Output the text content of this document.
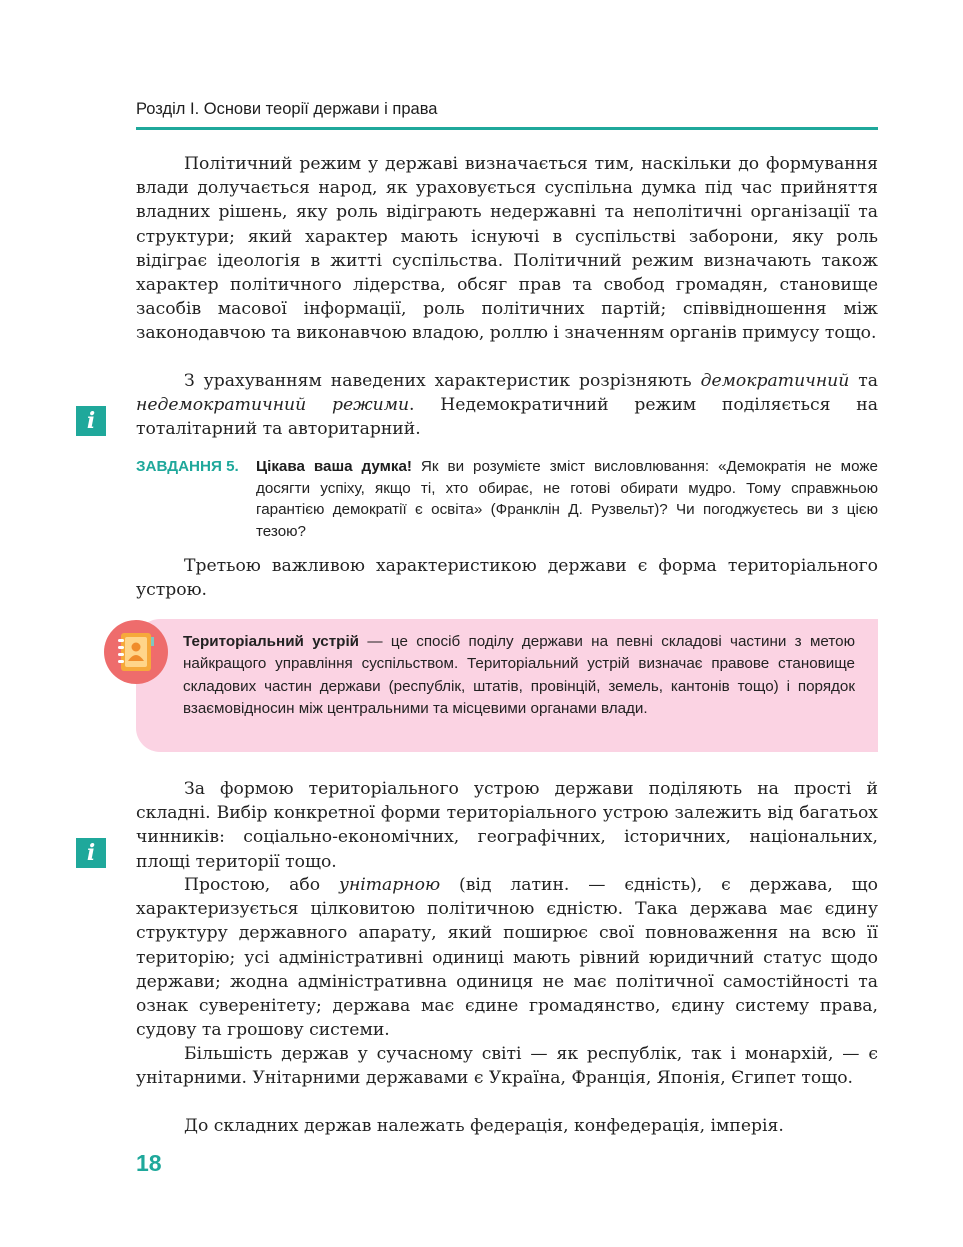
Розділ І. Основи теорії держави і права

Політичний режим у державі визначається тим, наскільки до формування влади долучається народ, як ураховується суспільна думка під час прийняття владних рішень, яку роль відіграють недержавні та неполітичні організації та структури; який характер мають існуючі в суспільстві заборони, яку роль відіграє ідеологія в житті суспільства. Політичний режим визначають також характер політичного лідерства, обсяг прав та свобод громадян, становище засобів масової інформації, роль політичних партій; співвідношення між законодавчою та виконавчою владою, роллю і значенням органів примусу тощо.

З урахуванням наведених характеристик розрізняють демократичний та недемократичний режими. Недемократичний режим поділяється на тоталітарний та авторитарний.

i
ЗАВДАННЯ 5. Цікава ваша думка! Як ви розумієте зміст висловлювання: «Демократія не може досягти успіху, якщо ті, хто обирає, не готові обирати мудро. Тому справжньою гарантією демократії є освіта» (Франклін Д. Рузвельт)? Чи погоджуєтесь ви з цією тезою?

Третьою важливою характеристикою держави є форма територіального устрою.

Територіальний устрій — це спосіб поділу держави на певні складові частини з метою найкращого управління суспільством. Територіальний устрій визначає правове становище складових частин держави (республік, штатів, провінцій, земель, кантонів тощо) і порядок взаємовідносин між центральними та місцевими органами влади.

За формою територіального устрою держави поділяють на прості й складні. Вибір конкретної форми територіального устрою залежить від багатьох чинників: соціально-економічних, географічних, історичних, національних, площі території тощо.

i

Простою, або унітарною (від латин. — єдність), є держава, що характеризується цілковитою політичною єдністю. Така держава має єдину структуру державного апарату, який поширює свої повноваження на всю її територію; усі адміністративні одиниці мають рівний юридичний статус щодо держави; жодна адміністративна одиниця не має політичної самостійності та ознак суверенітету; держава має єдине громадянство, єдину систему права, судову та грошову системи.

Більшість держав у сучасному світі — як республік, так і монархій, — є унітарними. Унітарними державами є Україна, Франція, Японія, Єгипет тощо.

До складних держав належать федерація, конфедерація, імперія.

18
